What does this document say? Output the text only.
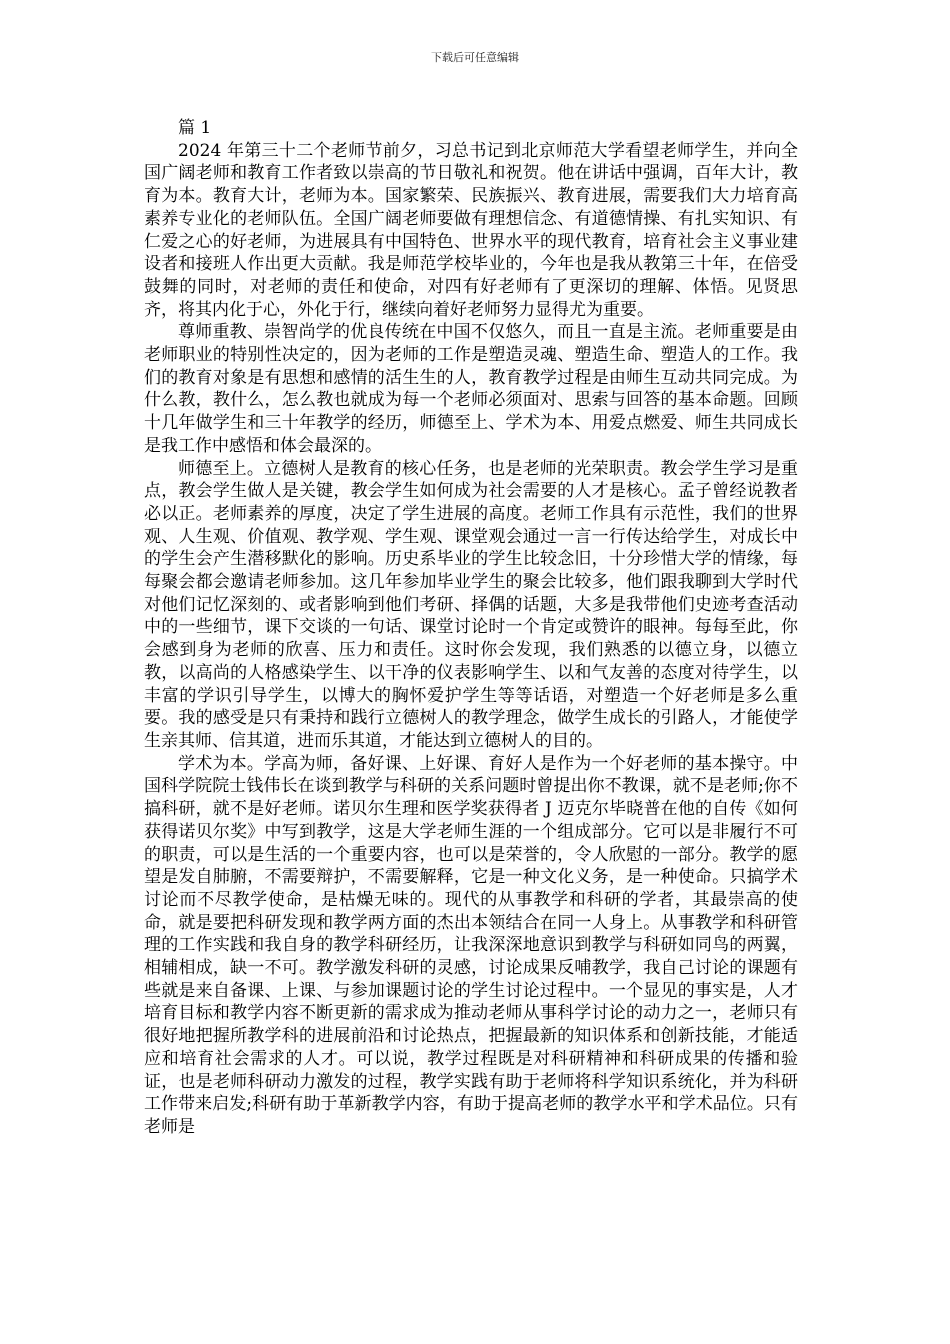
下载后可任意编辑

篇 1

2024 年第三十二个老师节前夕，习总书记到北京师范大学看望老师学生，并向全国广阔老师和教育工作者致以崇高的节日敬礼和祝贺。他在讲话中强调，百年大计，教育为本。教育大计，老师为本。国家繁荣、民族振兴、教育进展，需要我们大力培育高素养专业化的老师队伍。全国广阔老师要做有理想信念、有道德情操、有扎实知识、有仁爱之心的好老师，为进展具有中国特色、世界水平的现代教育，培育社会主义事业建设者和接班人作出更大贡献。我是师范学校毕业的，今年也是我从教第三十年，在倍受鼓舞的同时，对老师的责任和使命，对四有好老师有了更深切的理解、体悟。见贤思齐，将其内化于心，外化于行，继续向着好老师努力显得尤为重要。

尊师重教、崇智尚学的优良传统在中国不仅悠久，而且一直是主流。老师重要是由老师职业的特别性决定的，因为老师的工作是塑造灵魂、塑造生命、塑造人的工作。我们的教育对象是有思想和感情的活生生的人，教育教学过程是由师生互动共同完成。为什么教，教什么，怎么教也就成为每一个老师必须面对、思索与回答的基本命题。回顾十几年做学生和三十年教学的经历，师德至上、学术为本、用爱点燃爱、师生共同成长是我工作中感悟和体会最深的。

师德至上。立德树人是教育的核心任务，也是老师的光荣职责。教会学生学习是重点，教会学生做人是关键，教会学生如何成为社会需要的人才是核心。孟子曾经说教者必以正。老师素养的厚度，决定了学生进展的高度。老师工作具有示范性，我们的世界观、人生观、价值观、教学观、学生观、课堂观会通过一言一行传达给学生，对成长中的学生会产生潜移默化的影响。历史系毕业的学生比较念旧，十分珍惜大学的情缘，每每聚会都会邀请老师参加。这几年参加毕业学生的聚会比较多，他们跟我聊到大学时代对他们记忆深刻的、或者影响到他们考研、择偶的话题，大多是我带他们史迹考查活动中的一些细节，课下交谈的一句话、课堂讨论时一个肯定或赞许的眼神。每每至此，你会感到身为老师的欣喜、压力和责任。这时你会发现，我们熟悉的以德立身，以德立教，以高尚的人格感染学生、以干净的仪表影响学生、以和气友善的态度对待学生，以丰富的学识引导学生，以博大的胸怀爱护学生等等话语，对塑造一个好老师是多么重要。我的感受是只有秉持和践行立德树人的教学理念，做学生成长的引路人，才能使学生亲其师、信其道，进而乐其道，才能达到立德树人的目的。

学术为本。学高为师，备好课、上好课、育好人是作为一个好老师的基本操守。中国科学院院士钱伟长在谈到教学与科研的关系问题时曾提出你不教课，就不是老师;你不搞科研，就不是好老师。诺贝尔生理和医学奖获得者 J 迈克尔毕晓普在他的自传《如何获得诺贝尔奖》中写到教学，这是大学老师生涯的一个组成部分。它可以是非履行不可的职责，可以是生活的一个重要内容，也可以是荣誉的，令人欣慰的一部分。教学的愿望是发自肺腑，不需要辩护，不需要解释，它是一种文化义务，是一种使命。只搞学术讨论而不尽教学使命，是枯燥无味的。现代的从事教学和科研的学者，其最崇高的使命，就是要把科研发现和教学两方面的杰出本领结合在同一人身上。从事教学和科研管理的工作实践和我自身的教学科研经历，让我深深地意识到教学与科研如同鸟的两翼，相辅相成，缺一不可。教学激发科研的灵感，讨论成果反哺教学，我自己讨论的课题有些就是来自备课、上课、与参加课题讨论的学生讨论过程中。一个显见的事实是，人才培育目标和教学内容不断更新的需求成为推动老师从事科学讨论的动力之一，老师只有很好地把握所教学科的进展前沿和讨论热点，把握最新的知识体系和创新技能，才能适应和培育社会需求的人才。可以说，教学过程既是对科研精神和科研成果的传播和验证，也是老师科研动力激发的过程，教学实践有助于老师将科学知识系统化，并为科研工作带来启发;科研有助于革新教学内容，有助于提高老师的教学水平和学术品位。只有老师是
